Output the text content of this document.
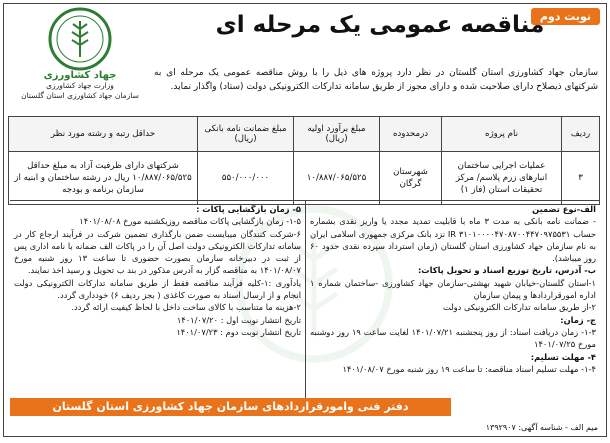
نوبت دوم
مناقصه عمومی یک مرحله ای
جهاد کشاورزی
وزارت جهاد کشاورزی
سازمان جهاد کشاورزی استان گلستان
سازمان جهاد کشاورزی استان گلستان در نظر دارد پروژه های ذیل را با روش مناقصه عمومی یک مرحله ای به شرکتهای ذیصلاح دارای صلاحیت شده و دارای مجوز از طریق سامانه تدارکات الکترونیکی دولت (ستاد) واگذار نماید.
ردیف	نام پروژه	درمحدوده	مبلغ برآورد اولیه (ریال)	مبلغ ضمانت نامه بانکی (ریال)	حداقل رتبه و رشته مورد نظر
۳	عملیات اجرایی ساختمان انبارهای زرم پلاسم/ مرکز تحقیقات استان (فاز ۱)	شهرستان گرگان	۱۰/۸۸۷/۰۶۵/۵۲۵	۵۵۰/۰۰۰/۰۰۰	شرکتهای دارای ظرفیت آزاد به مبلغ حداقل ۱۰/۸۸۷/۰۶۵/۵۲۵ ریال در رشته ساختمان و ابنیه از سازمان برنامه و بودجه
الف-نوع تضمین
- ضمانت نامه بانکی به مدت ۳ ماه با قابلیت تمدید مجدد یا واریز نقدی بشماره حساب IR ۳۱۰۱۰۰۰۰۴۷۰۸۷۰۰۴۴۷۰۹۷۵۵۳۱ نزد بانک مرکزی جمهوری اسلامی ایران به نام سازمان جهاد کشاورزی استان گلستان (زمان استرداد سپرده نقدی حدود ۶۰ روز میباشد).
ب- آدرس، تاریخ توزیع اسناد و تحویل پاکات:
۱-استان گلستان-خیابان شهید بهشتی-سازمان جهاد کشاورزی -ساختمان شماره ۱ اداره امورقراردادها و پیمان سازمان
۲-از طریق سامانه تدارکات الکترونیکی دولت
ج- زمان:
۱-۳- زمان دریافت اسناد: از روز پنجشنبه ۱۴۰۱/۰۷/۲۱ لغایت ساعت ۱۹ روز دوشنبه مورخ ۱۴۰۱/۰۷/۲۵
۴- مهلت تسلیم:
۱-۴- مهلت تسلیم اسناد مناقصه: تا ساعت ۱۹ روز شنبه مورخ ۱۴۰۱/۰۸/۰۷
۵- زمان بازگشایی پاکات :
۱-۵- زمان بازگشایی پاکات مناقصه روزیکشنبه مورخ ۱۴۰۱/۰۸/۰۸
۶-شرکت کنندگان میبایست ضمن بارگذاری تضمین شرکت در فرآیند ارجاع کار در سامانه تدارکات الکترونیکی دولت اصل آن را در پاکات الف ضمانه با نامه اداری پس از ثبت در دبیرخانه سازمان بصورت حضوری تا ساعت ۱۳ روز شنبه مورخ ۱۴۰۱/۰۸/۰۷ به مناقصه گزار به آدرس مذکور در بند ب تحویل و رسید اخذ نمایند.
یادآوری :۱-کلیه فرآیند مناقصه فقط از طریق سامانه تدارکات الکترونیکی دولت انجام و از ارسال اسناد به صورت کاغذی ( بجز ردیف ۶) خودداری گردد.
۲-هزینه ما متناسب با کالای ساخت داخل با لحاظ کیفیت ارائه گردد.
تاریخ انتشار نوبت اول : ۱۴۰۱/۰۷/۲۰
تاریخ انتشار نوبت دوم : ۱۴۰۱/۰۷/۲۳
دفتر فنی وامورقراردادهای سازمان جهاد کشاورزی استان گلستان
میم الف - شناسه آگهی: ۱۳۹۲۹۰۷
